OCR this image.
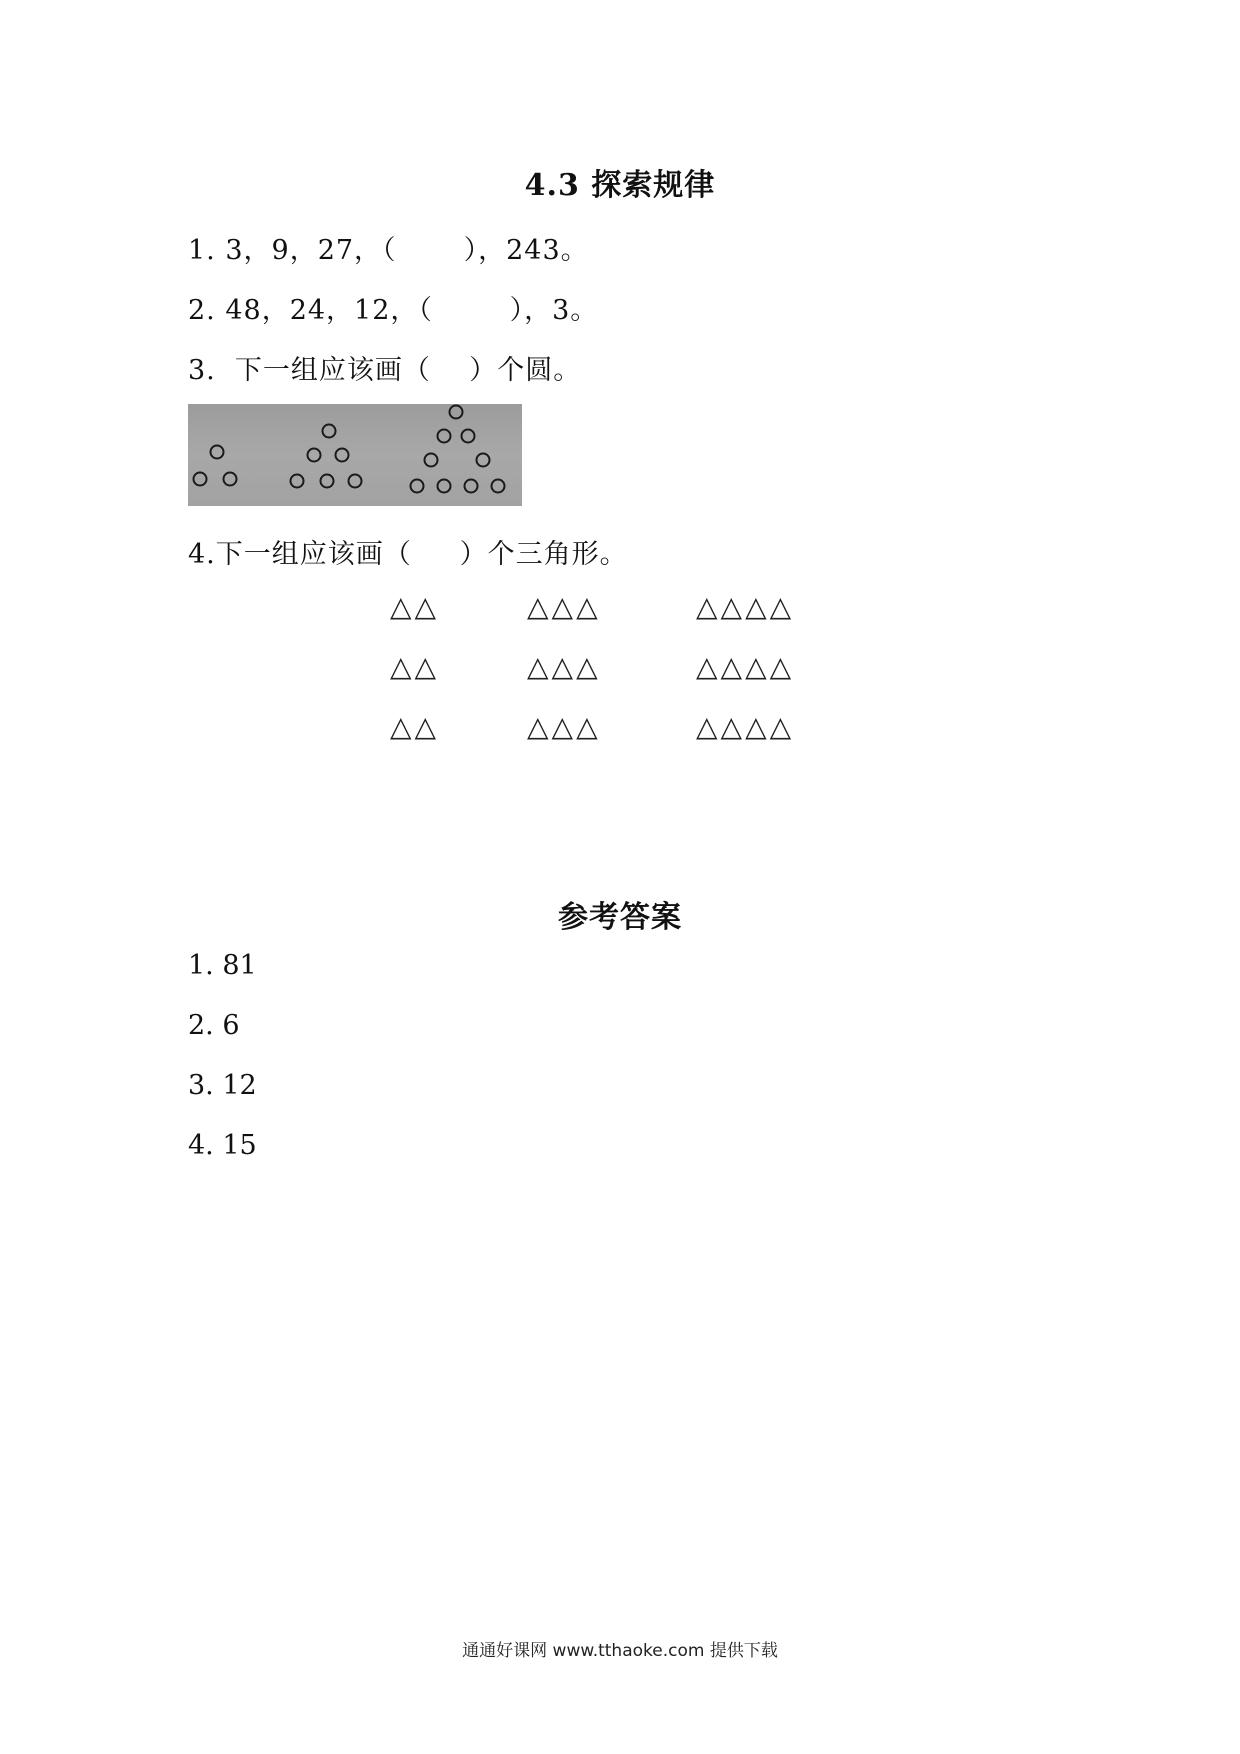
4.3 探索规律
1. 3，9，27，（       ），243。
2. 48，24，12，（        ），3。
3.  下一组应该画（    ）个圆。
4.下一组应该画（     ）个三角形。
△△	△△△	△△△△
△△	△△△	△△△△
△△	△△△	△△△△
参考答案
1. 81
2. 6
3. 12
4. 15
通通好课网 www.tthaoke.com 提供下载
